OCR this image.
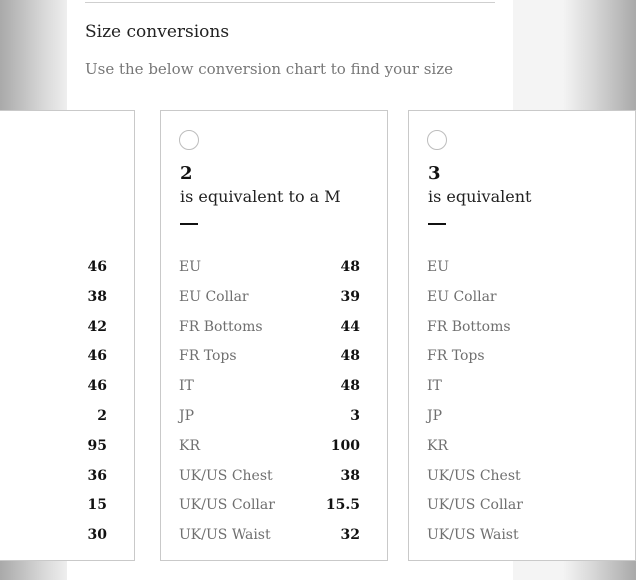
Size conversions
Use the below conversion chart to find your size
46
38
42
46
46
2
95
36
15
30
2
is equivalent to a M
EU	48
EU Collar	39
FR Bottoms	44
FR Tops	48
IT	48
JP	3
KR	100
UK/US Chest	38
UK/US Collar	15.5
UK/US Waist	32
3
is equivalent
EU
EU Collar
FR Bottoms
FR Tops
IT
JP
KR
UK/US Chest
UK/US Collar
UK/US Waist
